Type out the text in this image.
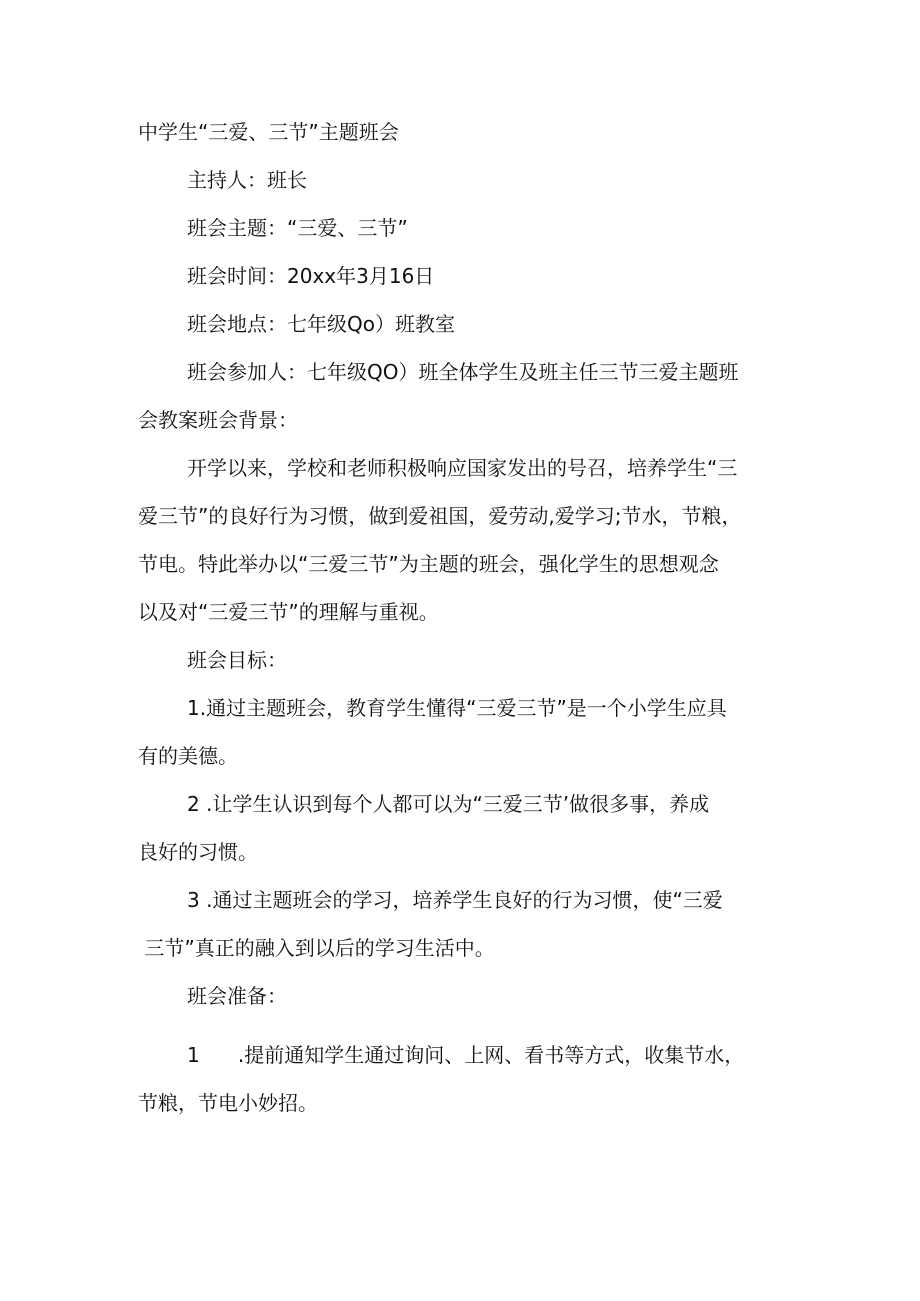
中学生“三爱、三节”主题班会

主持人：班长

班会主题：“三爱、三节”

班会时间：20xx年3月16日

班会地点：七年级Qo）班教室

班会参加人：七年级QO）班全体学生及班主任三节三爱主题班

会教案班会背景：

开学以来，学校和老师积极响应国家发出的号召，培养学生“三

爱三节”的良好行为习惯，做到爱祖国，爱劳动,爱学习;节水，节粮，

节电。特此举办以“三爱三节”为主题的班会，强化学生的思想观念

以及对“三爱三节”的理解与重视。

班会目标：

1.通过主题班会，教育学生懂得“三爱三节”是一个小学生应具

有的美德。

2 .让学生认识到每个人都可以为“三爱三节’做很多事，养成

良好的习惯。

3 .通过主题班会的学习，培养学生良好的行为习惯，使“三爱

三节”真正的融入到以后的学习生活中。

班会准备：

1      .提前通知学生通过询问、上网、看书等方式，收集节水，

节粮，节电小妙招。
